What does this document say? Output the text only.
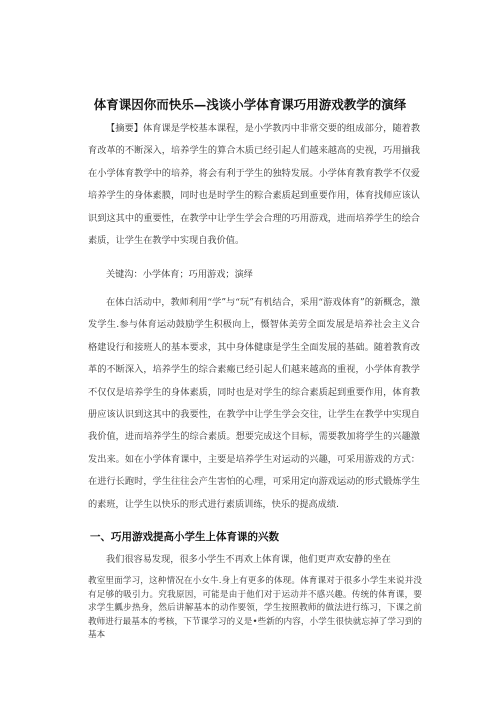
体育课因你而快乐—浅谈小学体育课巧用游戏教学的演绎
【摘要】体育课是学校基本课程，是小学教丙中非常交要的组成部分，随着教育改革的不断深入，培养学生的算合木质已经引起人们越来越高的史视，巧用揃我在小学体育教学中的培养，将会有利于学生的独特发展。小学体育教育教学不仅爱培养学生的身体素膜，同时也是时学生的粽合素质起到重要作用，体育找师应该认识到这其中的重要性，在教学中让学生学会合理的巧用游戏，进而培养学生的绘合素质，让学生在教学中实现自我价值。
关键沟：小学体育；巧用游戏；演绎
在体白活动中，教师利用“学”与“玩”有机结合，采用“游戏体育”的新概念，激发学生.参与体育运动鼓励学生积极向上，慑智体美劳全面发展是培养社会主义合格建设行和接班人的基本要求，其中身体健康是学生全面发展的基础。随着教育改革的不断深入，培养学生的综合素瘢已经引起人们越来越高的重视，小学体育教学不仅仅是培养学生的身体素质，同时也是对学生的综合素质起到重要作用，体育教册应该认识到这其中的我要性，在教学中让学生学会交往，让学生在教学中实现自我价值，进而培养学生的综合素质。想要完成这个目标，需要教加将学生的兴趣激发出来。如在小学体育课中，主要是培养学生对运动的兴趣，可采用游戏的方式：在进行长跑时，学生往往会产生害怕的心理，可采用定向游戏运动的形式锻炼学生的素班，让学生以快乐的形式进行素质训练，快乐的提高成绩.
一、巧用游戏提高小学生上体育课的兴数
我们很容易发现，很多小学生不再欢上体育课，他们更声欢安静的坐在
教室里面学习，这种情况在小女牛.身上有更多的体现。体育课对于很多小学生来说并没有足够的吸引力。究我原因，可能是由于他们对于运动并不感兴趣。传统的体育课，要求学生瓤步热身，然后讲解基本的动作要领，学生按照教师的做法进行练习，下课之前教师进行最基本的考核，下节课学习的义是•些新的内容，小学生很快就忘掉了学习到的基本
